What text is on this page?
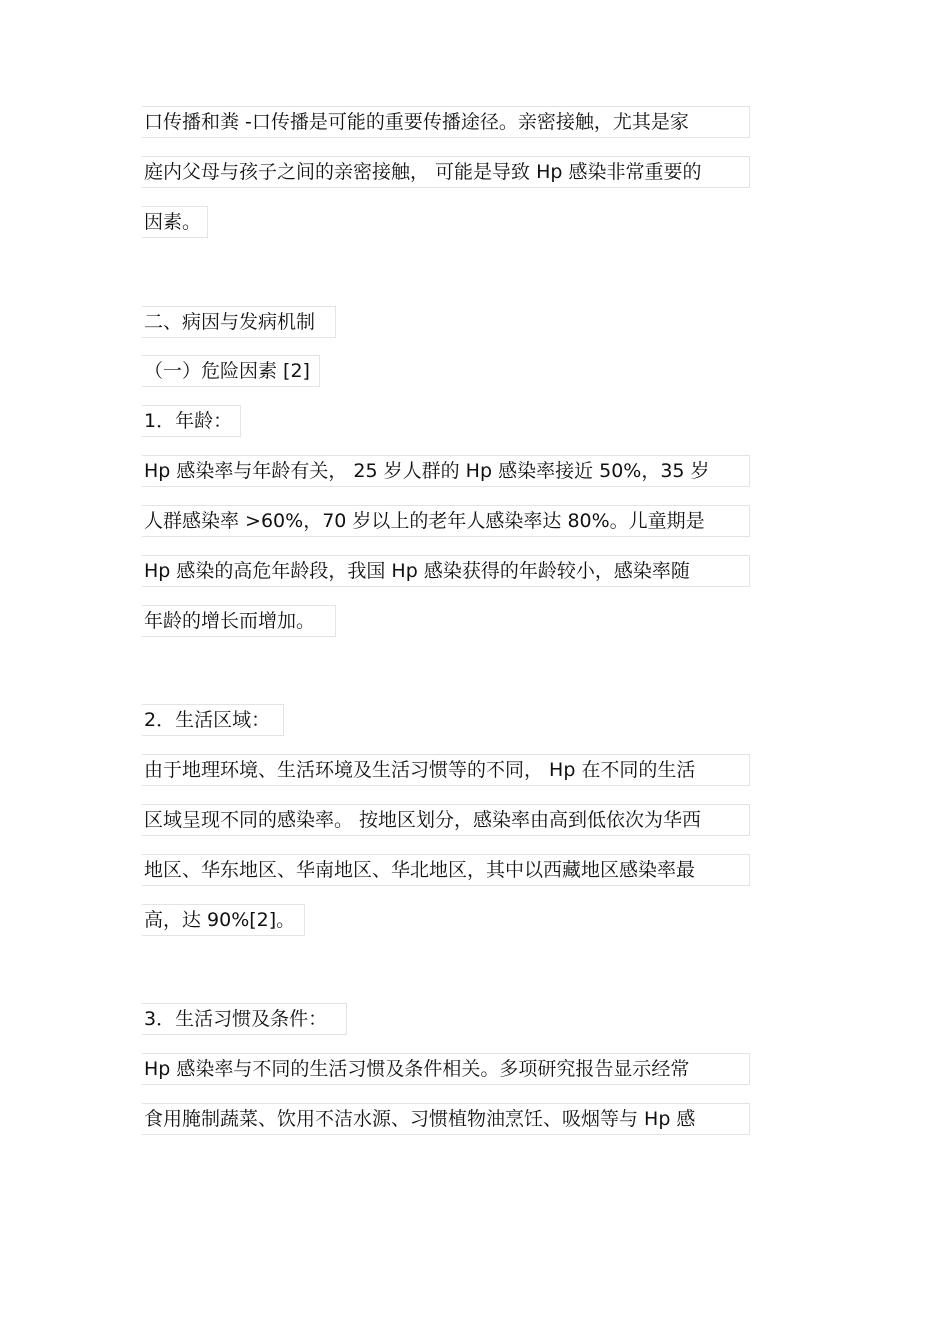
口传播和粪 -口传播是可能的重要传播途径。亲密接触，尤其是家
庭内父母与孩子之间的亲密接触， 可能是导致 Hp 感染非常重要的
因素。
二、病因与发病机制
（一）危险因素 [2]
1．年龄：
Hp 感染率与年龄有关， 25 岁人群的 Hp 感染率接近 50%，35 岁
人群感染率 >60%，70 岁以上的老年人感染率达 80%。儿童期是
Hp 感染的高危年龄段，我国 Hp 感染获得的年龄较小，感染率随
年龄的增长而增加。
2．生活区域：
由于地理环境、生活环境及生活习惯等的不同， Hp 在不同的生活
区域呈现不同的感染率。 按地区划分，感染率由高到低依次为华西
地区、华东地区、华南地区、华北地区，其中以西藏地区感染率最
高，达 90%[2]。
3．生活习惯及条件：
Hp 感染率与不同的生活习惯及条件相关。多项研究报告显示经常
食用腌制蔬菜、饮用不洁水源、习惯植物油烹饪、吸烟等与 Hp 感
